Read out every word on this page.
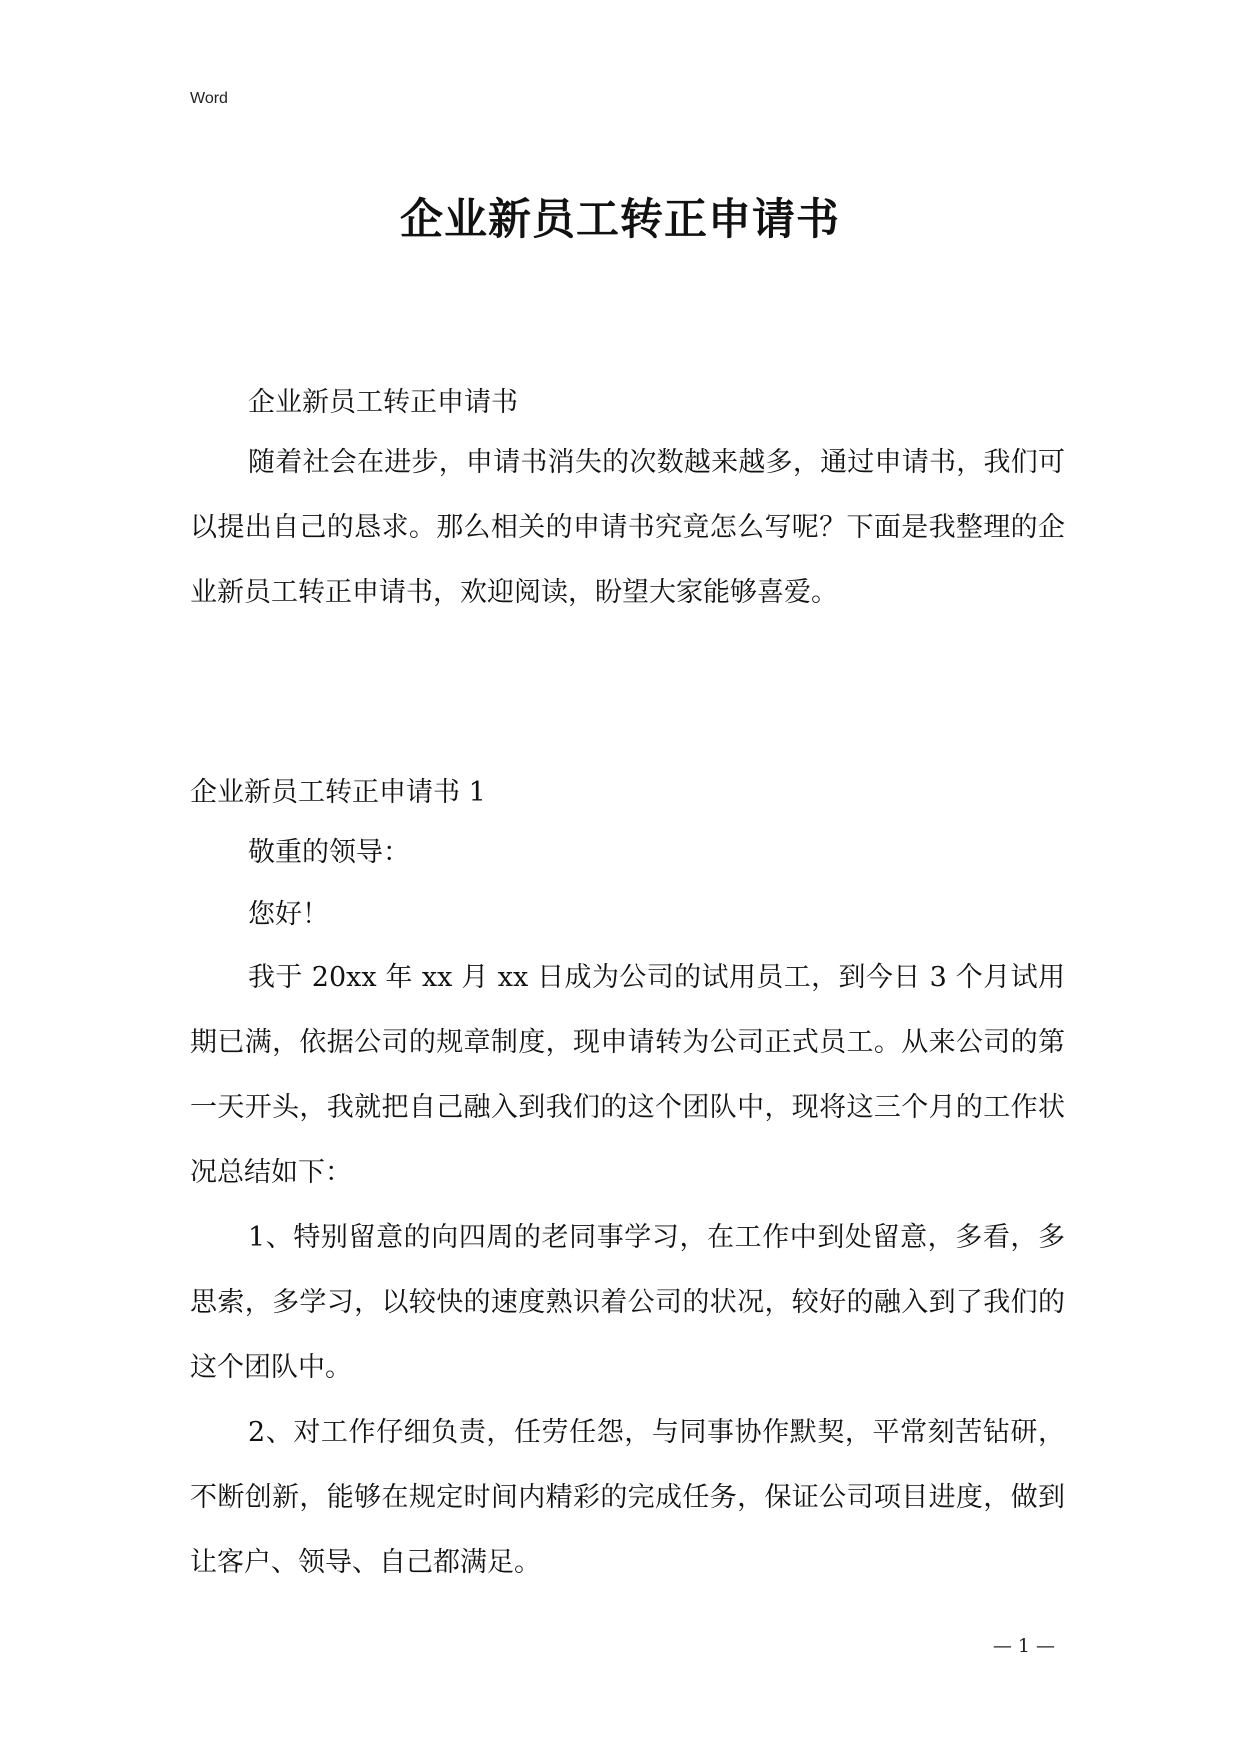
Word
企业新员工转正申请书

企业新员工转正申请书

随着社会在进步，申请书消失的次数越来越多，通过申请书，我们可以提出自己的恳求。那么相关的申请书究竟怎么写呢？下面是我整理的企业新员工转正申请书，欢迎阅读，盼望大家能够喜爱。

企业新员工转正申请书 1

敬重的领导：

您好！

我于 20xx 年 xx 月 xx 日成为公司的试用员工，到今日 3 个月试用期已满，依据公司的规章制度，现申请转为公司正式员工。从来公司的第一天开头，我就把自己融入到我们的这个团队中，现将这三个月的工作状况总结如下：

1、特别留意的向四周的老同事学习，在工作中到处留意，多看，多思索，多学习，以较快的速度熟识着公司的状况，较好的融入到了我们的这个团队中。

2、对工作仔细负责，任劳任怨，与同事协作默契，平常刻苦钻研，不断创新，能够在规定时间内精彩的完成任务，保证公司项目进度，做到让客户、领导、自己都满足。

— 1 —
